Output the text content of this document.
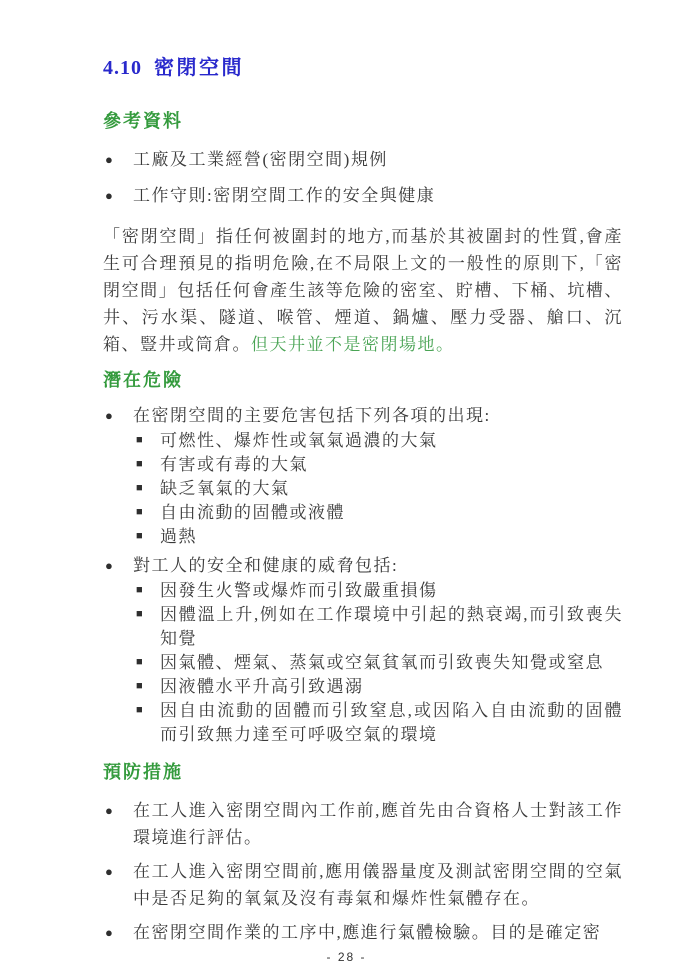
4.10 密閉空間
參考資料
● 工廠及工業經營(密閉空間)規例
● 工作守則:密閉空間工作的安全與健康

「密閉空間」指任何被圍封的地方,而基於其被圍封的性質,會產生可合理預見的指明危險,在不局限上文的一般性的原則下,「密閉空間」包括任何會產生該等危險的密室、貯槽、下桶、坑槽、井、污水渠、隧道、喉管、煙道、鍋爐、壓力受器、艙口、沉箱、豎井或筒倉。但天井並不是密閉場地。

潛在危險
● 在密閉空間的主要危害包括下列各項的出現:
■ 可燃性、爆炸性或氧氣過濃的大氣
■ 有害或有毒的大氣
■ 缺乏氧氣的大氣
■ 自由流動的固體或液體
■ 過熱
● 對工人的安全和健康的威脅包括:
■ 因發生火警或爆炸而引致嚴重損傷
■ 因體溫上升,例如在工作環境中引起的熱衰竭,而引致喪失知覺
■ 因氣體、煙氣、蒸氣或空氣貧氧而引致喪失知覺或窒息
■ 因液體水平升高引致遇溺
■ 因自由流動的固體而引致窒息,或因陷入自由流動的固體而引致無力達至可呼吸空氣的環境
預防措施
● 在工人進入密閉空間內工作前,應首先由合資格人士對該工作環境進行評估。
● 在工人進入密閉空間前,應用儀器量度及測試密閉空間的空氣中是否足夠的氧氣及沒有毒氣和爆炸性氣體存在。
● 在密閉空間作業的工序中,應進行氣體檢驗。目的是確定密
- 28 -
